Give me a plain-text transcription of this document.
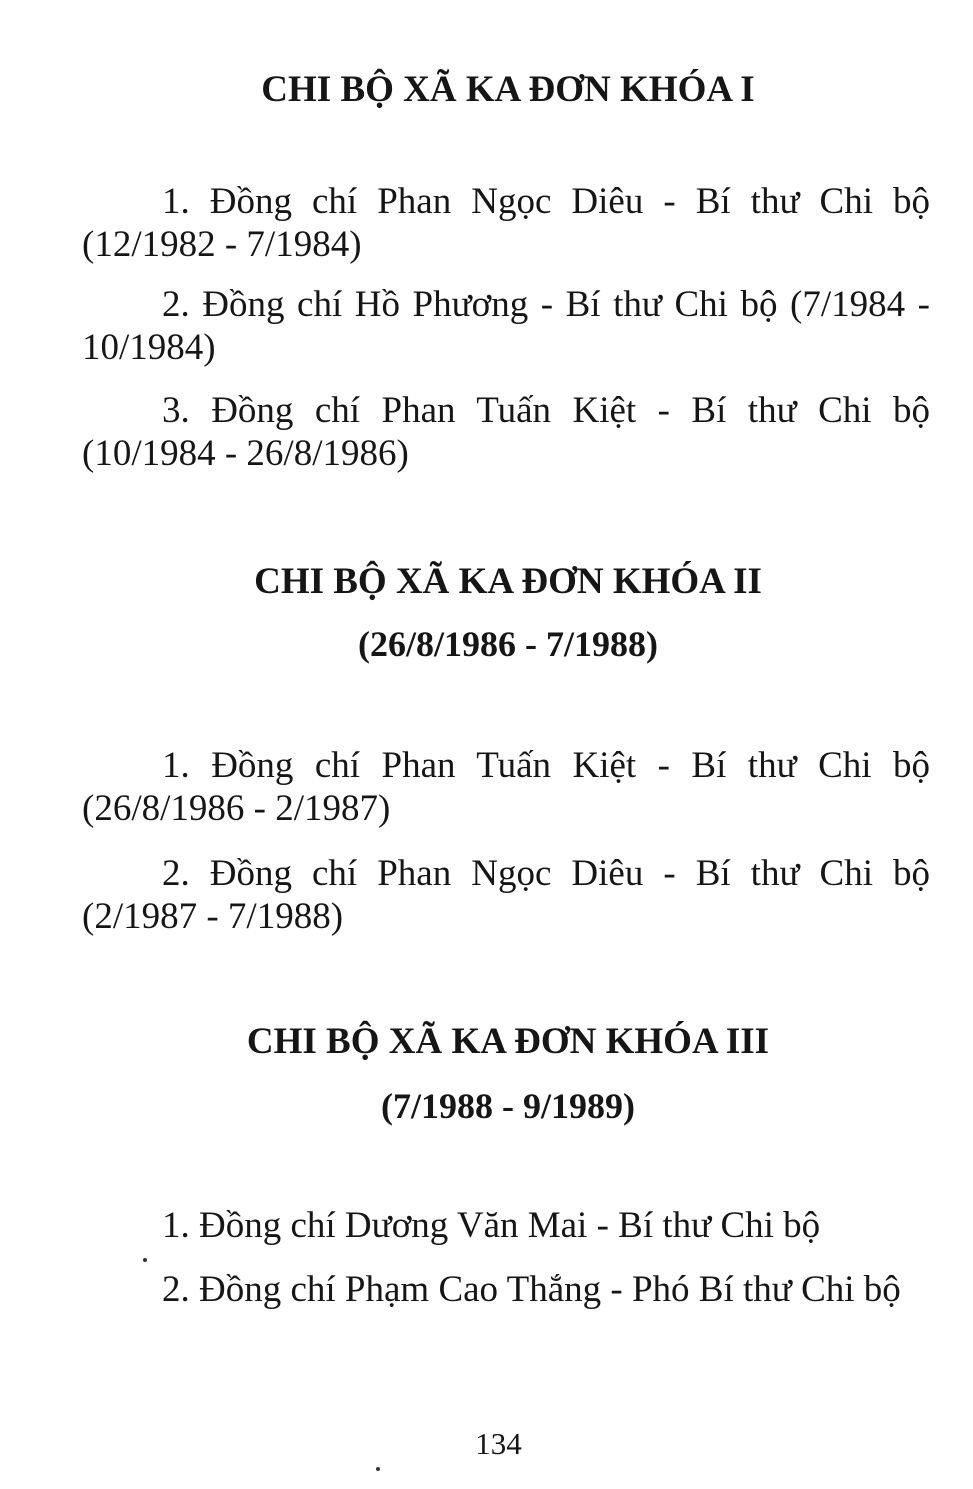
CHI BỘ XÃ KA ĐƠN KHÓA I

1. Đồng chí Phan Ngọc Diêu - Bí thư Chi bộ (12/1982 - 7/1984)

2. Đồng chí Hồ Phương - Bí thư Chi bộ (7/1984 - 10/1984)

3. Đồng chí Phan Tuấn Kiệt - Bí thư Chi bộ (10/1984 - 26/8/1986)

CHI BỘ XÃ KA ĐƠN KHÓA II
(26/8/1986 - 7/1988)

1. Đồng chí Phan Tuấn Kiệt - Bí thư Chi bộ (26/8/1986 - 2/1987)

2. Đồng chí Phan Ngọc Diêu - Bí thư Chi bộ (2/1987 - 7/1988)

CHI BỘ XÃ KA ĐƠN KHÓA III
(7/1988 - 9/1989)

1. Đồng chí Dương Văn Mai - Bí thư Chi bộ

2. Đồng chí Phạm Cao Thắng - Phó Bí thư Chi bộ

134
